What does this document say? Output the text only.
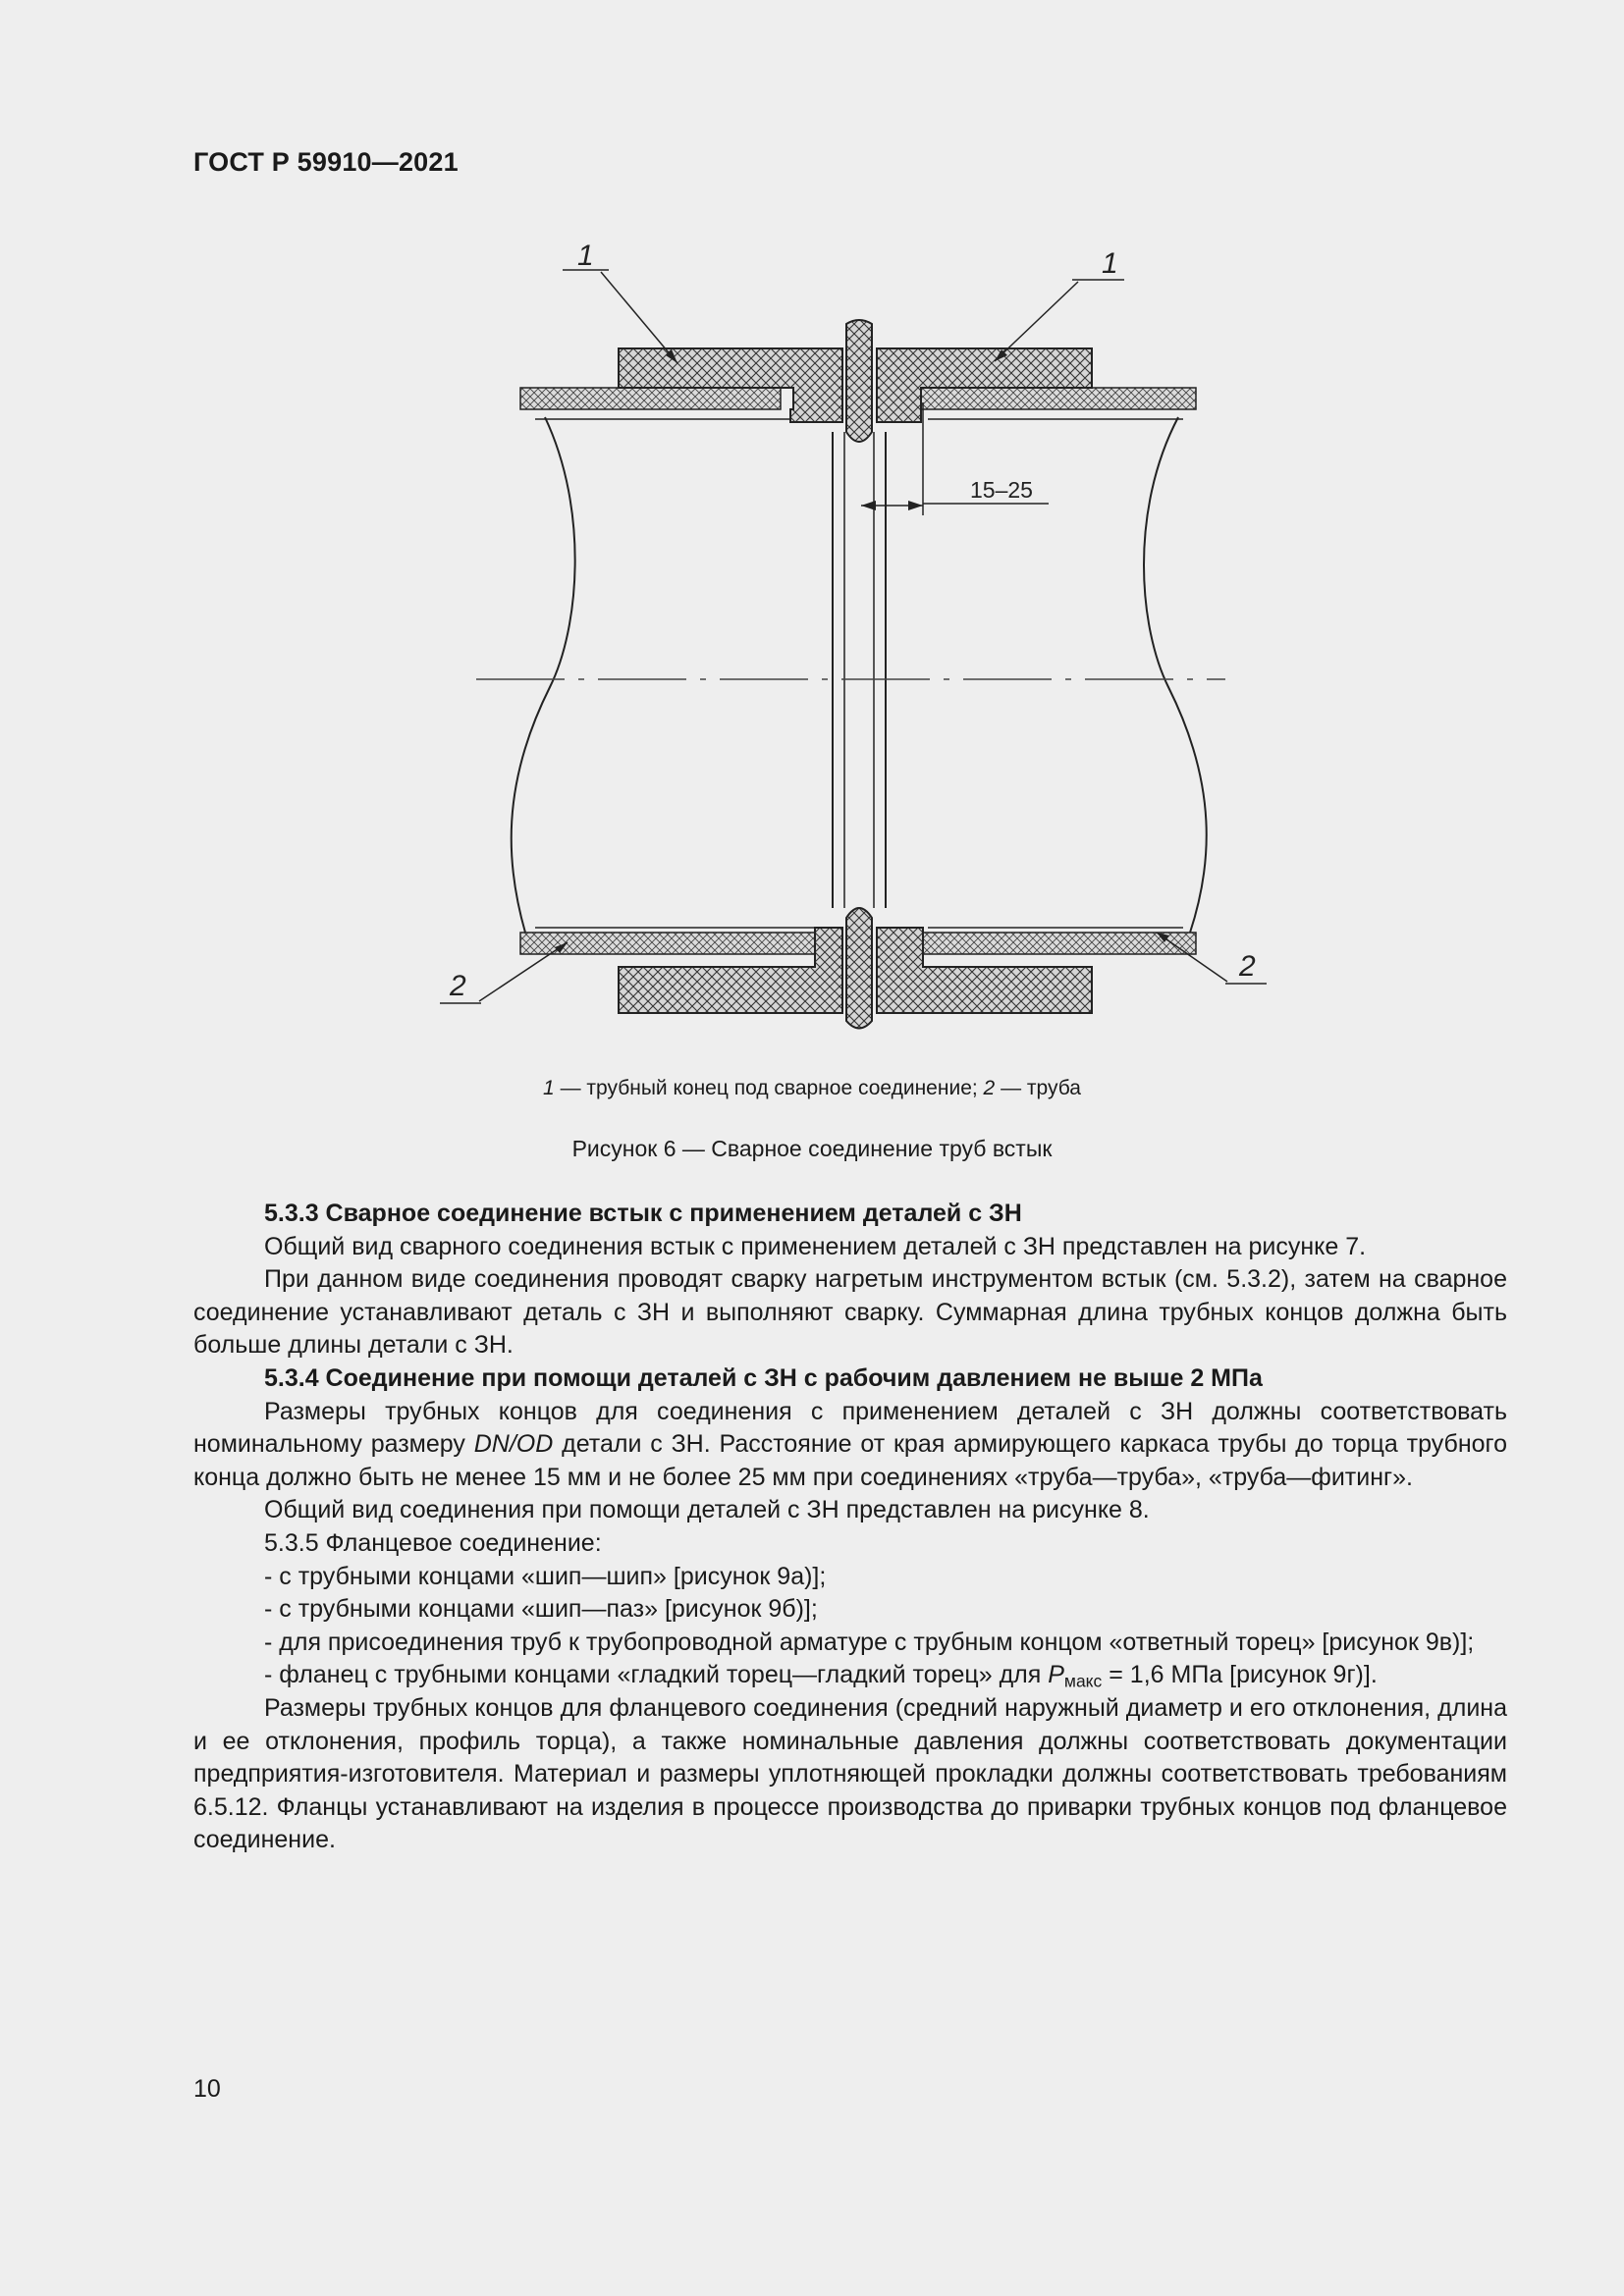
ГОСТ Р 59910—2021
15–25
1	1
2
2
1 — трубный конец под сварное соединение; 2 — труба
Рисунок 6 — Сварное соединение труб встык

5.3.3 Сварное соединение встык с применением деталей с ЗН

Общий вид сварного соединения встык с применением деталей с ЗН представлен на рисунке 7.

При данном виде соединения проводят сварку нагретым инструментом встык (см. 5.3.2), затем на сварное соединение устанавливают деталь с ЗН и выполняют сварку. Суммарная длина трубных концов должна быть больше длины детали с ЗН.

5.3.4 Соединение при помощи деталей с ЗН с рабочим давлением не выше 2 МПа

Размеры трубных концов для соединения с применением деталей с ЗН должны соответствовать номинальному размеру DN/OD детали с ЗН. Расстояние от края армирующего каркаса трубы до торца трубного конца должно быть не менее 15 мм и не более 25 мм при соединениях «труба—труба», «труба—фитинг».

Общий вид соединения при помощи деталей с ЗН представлен на рисунке 8.

5.3.5 Фланцевое соединение:

- с трубными концами «шип—шип» [рисунок 9а)];

- с трубными концами «шип—паз» [рисунок 9б)];

- для присоединения труб к трубопроводной арматуре с трубным концом «ответный торец» [рисунок 9в)];

- фланец с трубными концами «гладкий торец—гладкий торец» для $P_{макс} = 1,6$ МПа [рисунок 9г)].

Размеры трубных концов для фланцевого соединения (средний наружный диаметр и его отклонения, длина и ее отклонения, профиль торца), а также номинальные давления должны соответствовать документации предприятия-изготовителя. Материал и размеры уплотняющей прокладки должны соответствовать требованиям 6.5.12. Фланцы устанавливают на изделия в процессе производства до приварки трубных концов под фланцевое соединение.

10
